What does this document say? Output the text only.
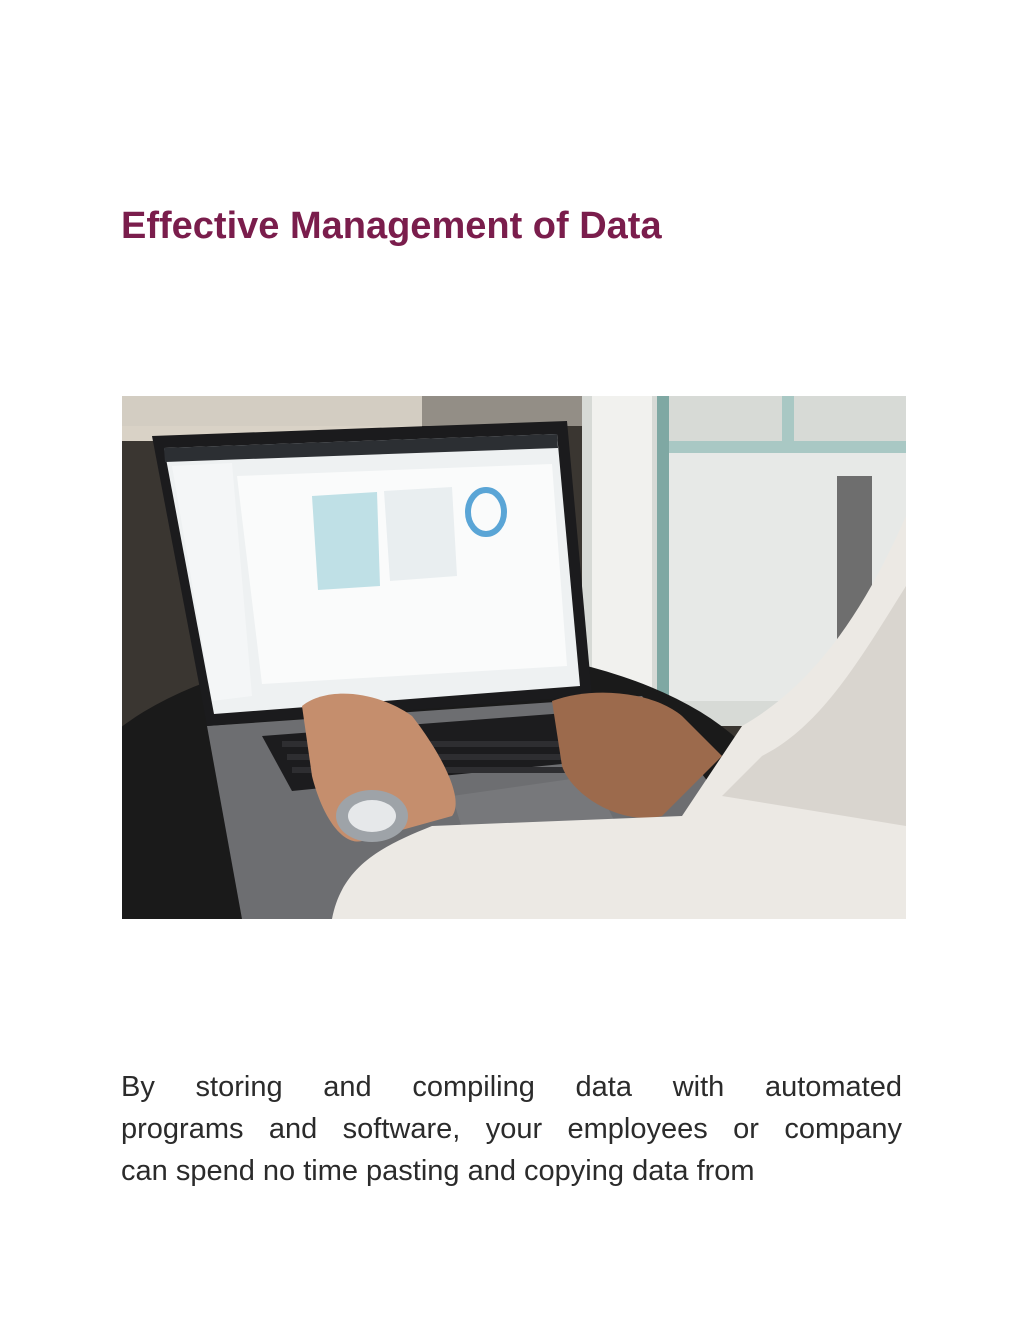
Effective Management of Data

By storing and compiling data with automated
programs and software, your employees or company
can spend no time pasting and copying data from
